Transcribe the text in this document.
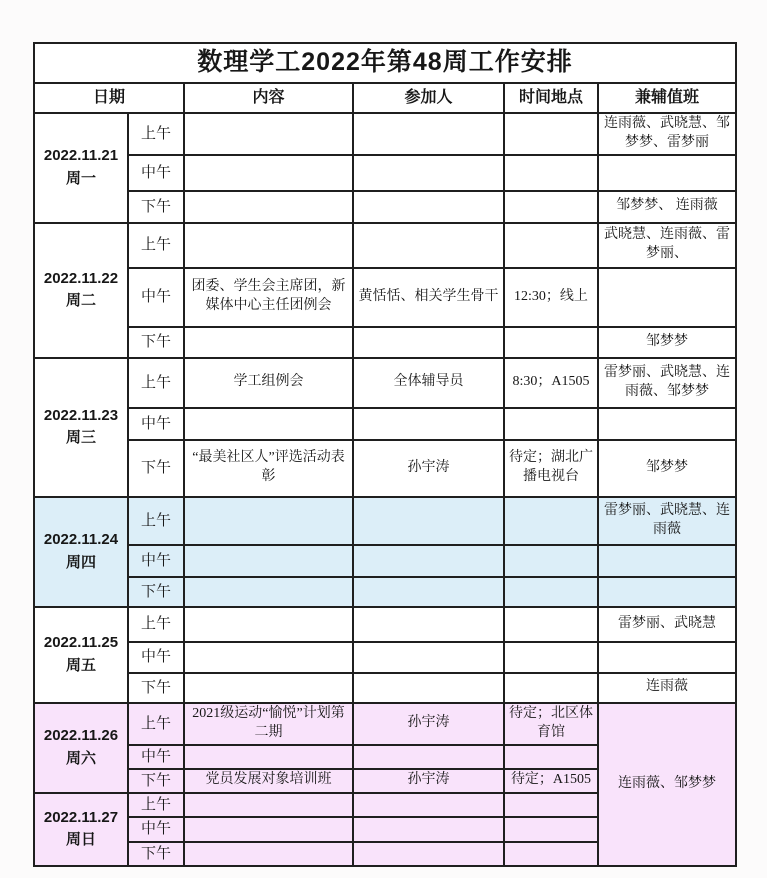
数理学工2022年第48周工作安排					
日期		内容	参加人	时间地点	兼辅值班

2022.11.21
周一	上午				连雨薇、武晓慧、邹梦梦、雷梦丽
	中午				
	下午				邹梦梦、 连雨薇

2022.11.22
周二	上午				武晓慧、连雨薇、雷梦丽、
	中午	团委、学生会主席团，新媒体中心主任团例会	黄恬恬、相关学生骨干	12:30；线上	
	下午				邹梦梦

2022.11.23
周三	上午	学工组例会	全体辅导员	8:30；A1505	雷梦丽、武晓慧、连雨薇、邹梦梦
	中午				
	下午	“最美社区人”评选活动表彰	孙宇涛	待定；湖北广播电视台	邹梦梦

2022.11.24
周四	上午				雷梦丽、武晓慧、连雨薇
	中午				
	下午				

2022.11.25
周五	上午				雷梦丽、武晓慧
	中午				
	下午				连雨薇

2022.11.26
周六	上午	2021级运动“愉悦”计划第二期	孙宇涛	待定；北区体育馆	连雨薇、邹梦梦
	中午				
	下午	党员发展对象培训班	孙宇涛	待定；A1505	

2022.11.27
周日	上午				
	中午				
	下午				
